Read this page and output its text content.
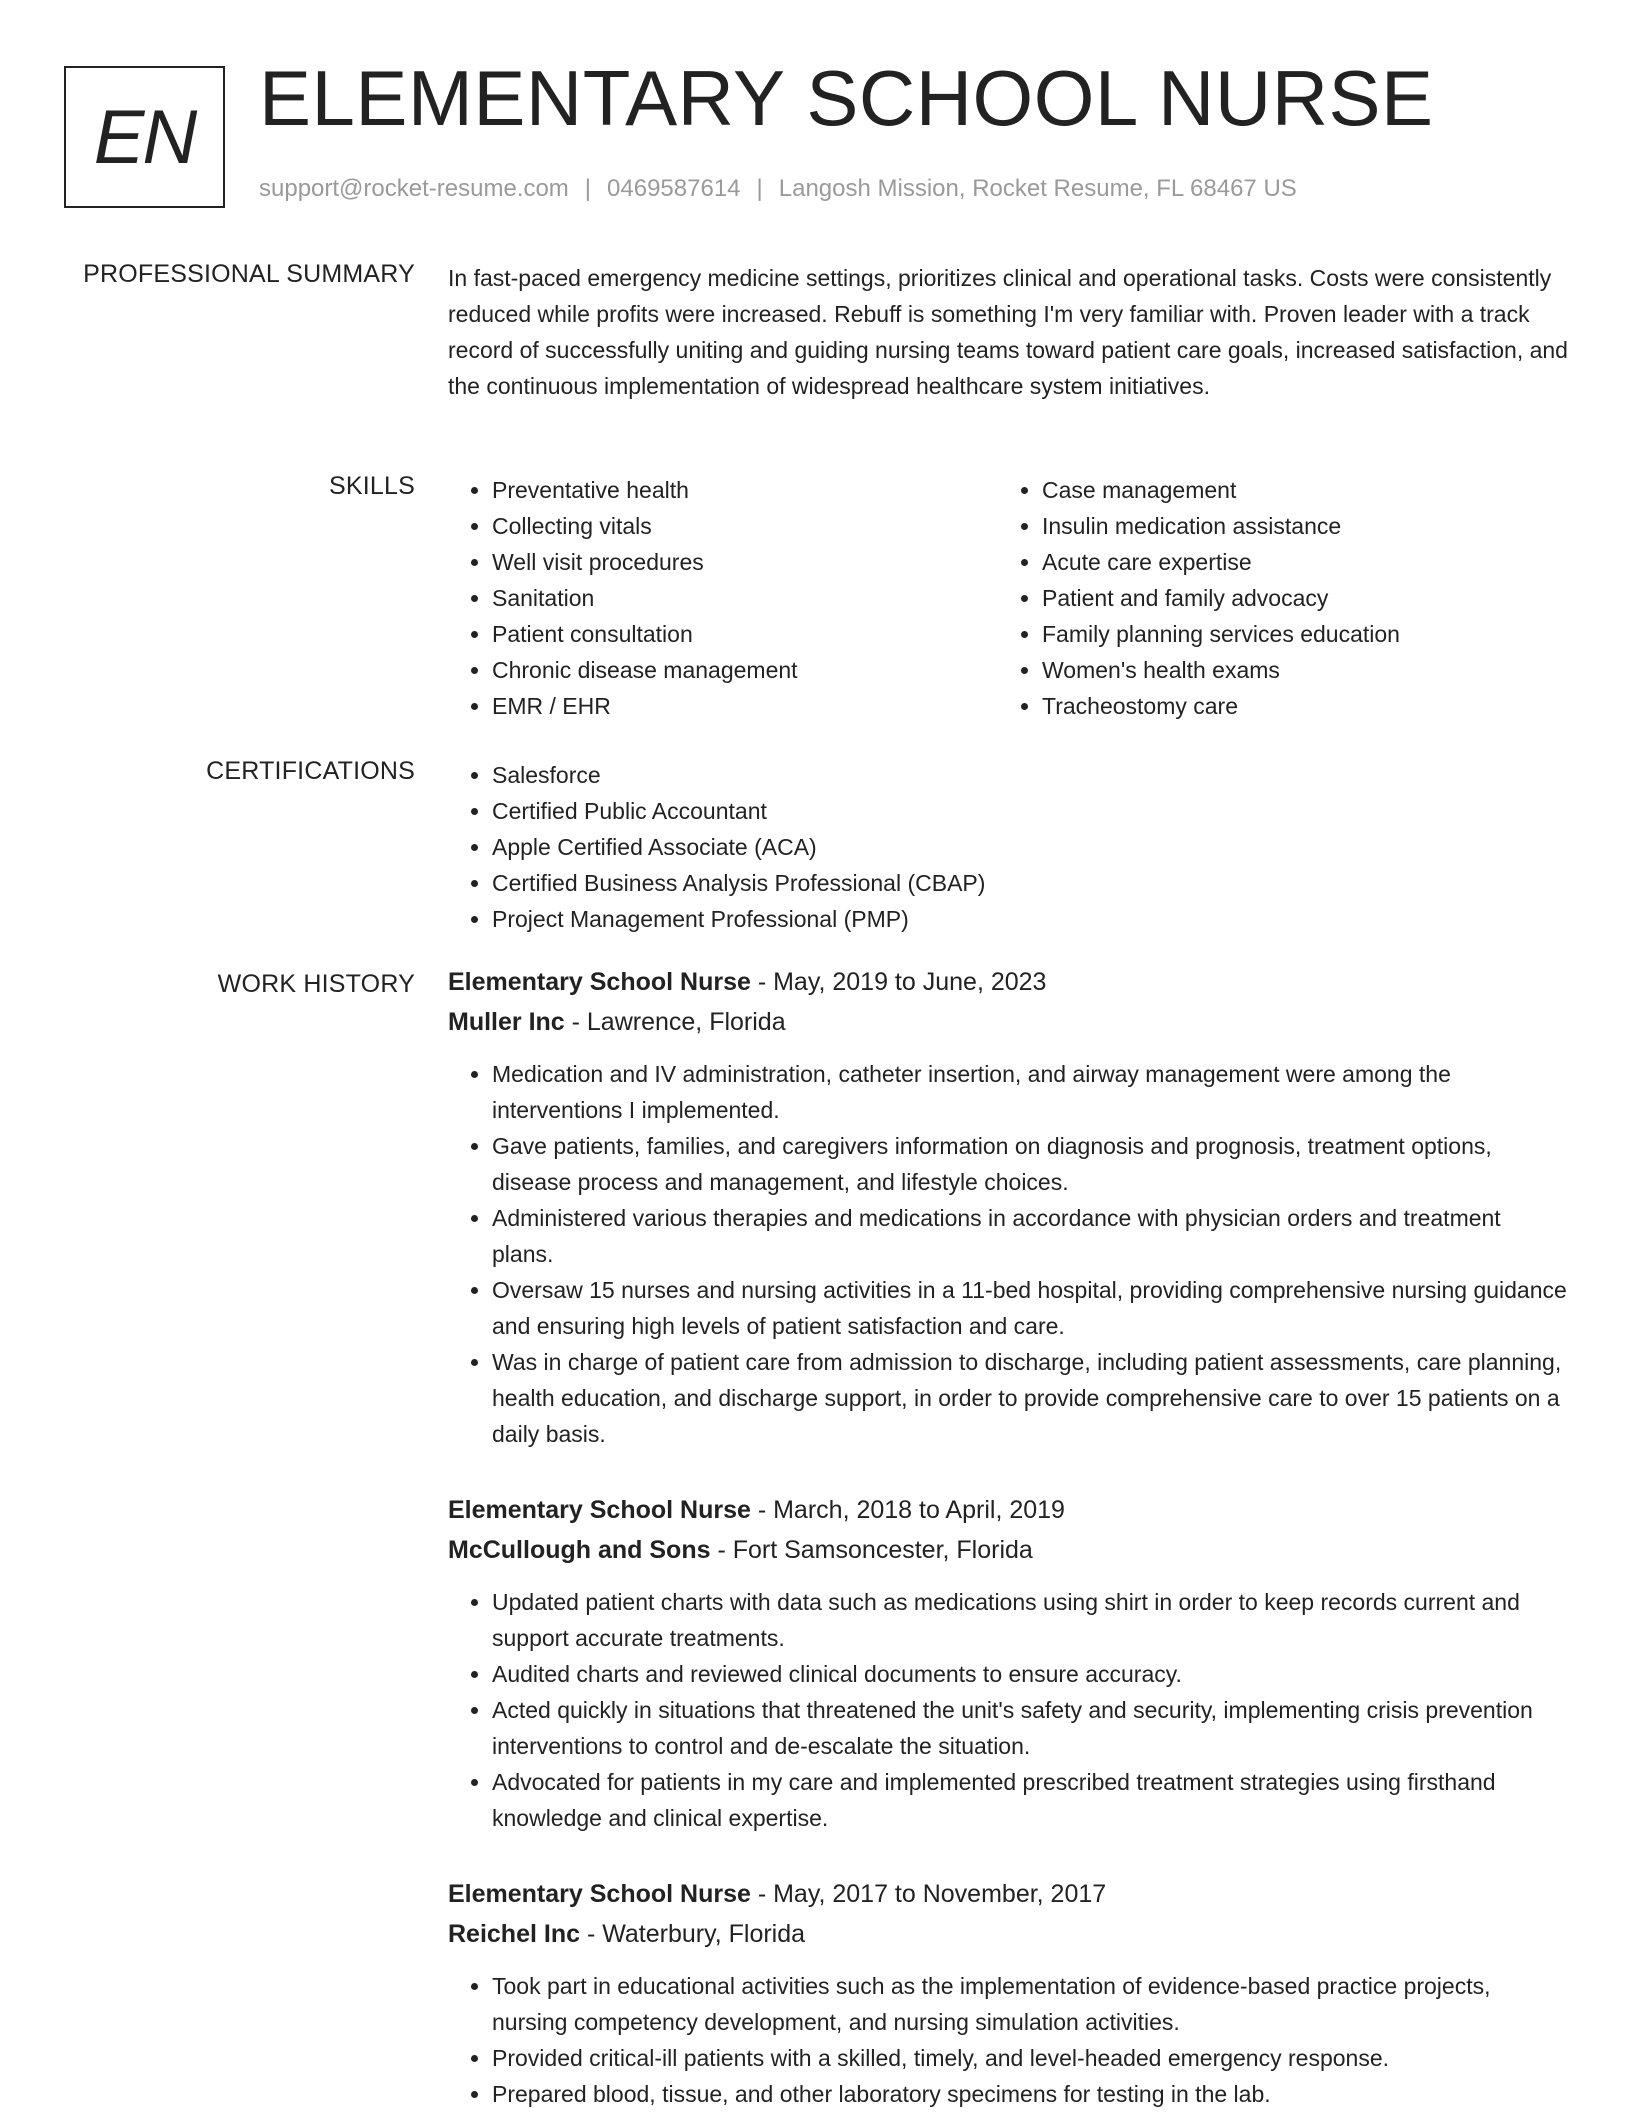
EN ELEMENTARY SCHOOL NURSE
support@rocket-resume.com | 0469587614 | Langosh Mission, Rocket Resume, FL 68467 US
PROFESSIONAL SUMMARY In fast-paced emergency medicine settings, prioritizes clinical and operational tasks. Costs were consistently reduced while profits were increased. Rebuff is something I'm very familiar with. Proven leader with a track record of successfully uniting and guiding nursing teams toward patient care goals, increased satisfaction, and the continuous implementation of widespread healthcare system initiatives.

SKILLS	• Preventative health
• Collecting vitals
• Well visit procedures
• Sanitation
• Patient consultation
• Chronic disease management
• EMR / EHR
• Case management
• Insulin medication assistance
• Acute care expertise
• Patient and family advocacy
• Family planning services education
• Women's health exams
• Tracheostomy care
CERTIFICATIONS	• Salesforce
• Certified Public Accountant
• Apple Certified Associate (ACA)
• Certified Business Analysis Professional (CBAP)
• Project Management Professional (PMP)
WORK HISTORY Elementary School Nurse - May, 2019 to June, 2023
Muller Inc - Lawrence, Florida
• Medication and IV administration, catheter insertion, and airway management were among the interventions I implemented.
• Gave patients, families, and caregivers information on diagnosis and prognosis, treatment options, disease process and management, and lifestyle choices.
• Administered various therapies and medications in accordance with physician orders and treatment plans.
• Oversaw 15 nurses and nursing activities in a 11-bed hospital, providing comprehensive nursing guidance and ensuring high levels of patient satisfaction and care.
• Was in charge of patient care from admission to discharge, including patient assessments, care planning, health education, and discharge support, in order to provide comprehensive care to over 15 patients on a daily basis.
Elementary School Nurse - March, 2018 to April, 2019
McCullough and Sons - Fort Samsoncester, Florida
• Updated patient charts with data such as medications using shirt in order to keep records current and support accurate treatments.
• Audited charts and reviewed clinical documents to ensure accuracy.
• Acted quickly in situations that threatened the unit's safety and security, implementing crisis prevention interventions to control and de-escalate the situation.
• Advocated for patients in my care and implemented prescribed treatment strategies using firsthand knowledge and clinical expertise.
Elementary School Nurse - May, 2017 to November, 2017
Reichel Inc - Waterbury, Florida
• Took part in educational activities such as the implementation of evidence-based practice projects, nursing competency development, and nursing simulation activities.
• Provided critical-ill patients with a skilled, timely, and level-headed emergency response.
• Prepared blood, tissue, and other laboratory specimens for testing in the lab.
